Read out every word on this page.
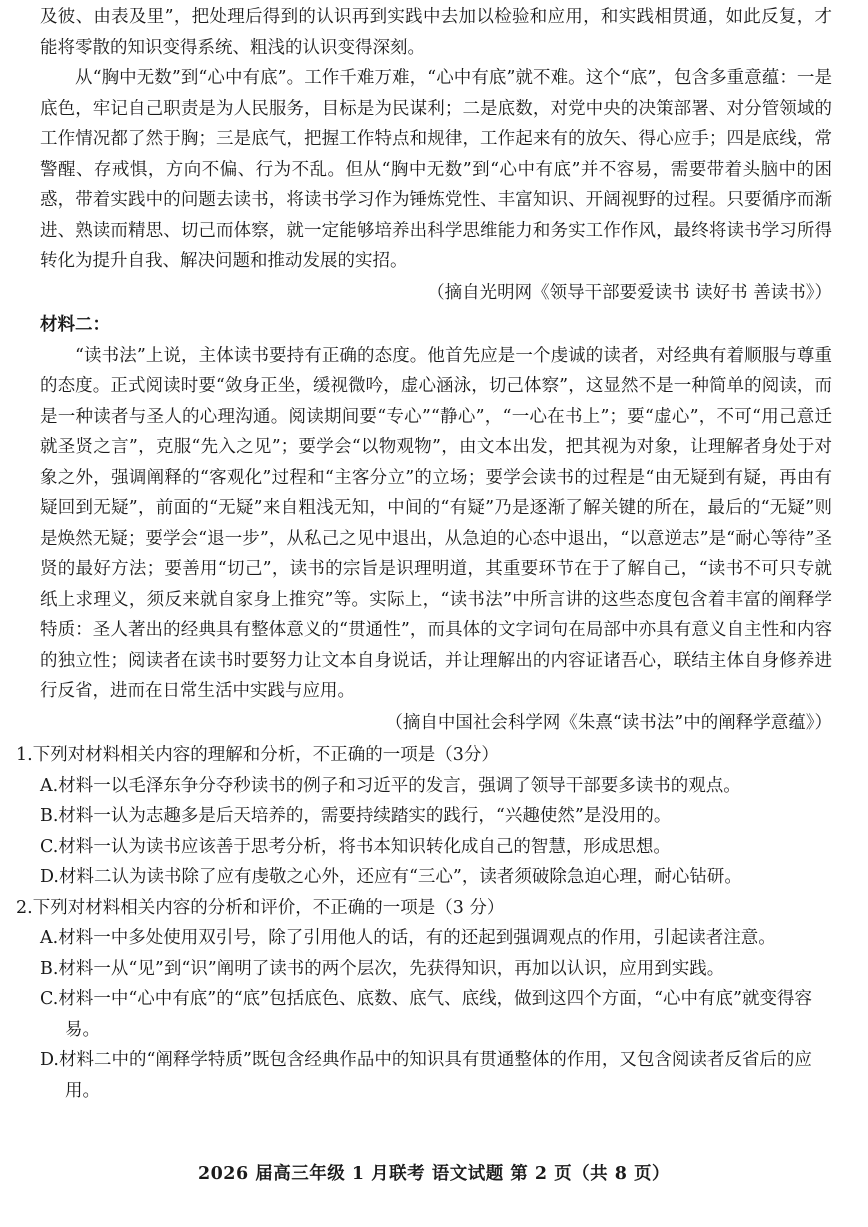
及彼、由表及里”，把处理后得到的认识再到实践中去加以检验和应用，和实践相贯通，如此反复，才能将零散的知识变得系统、粗浅的认识变得深刻。

从“胸中无数”到“心中有底”。工作千难万难，“心中有底”就不难。这个“底”，包含多重意蕴：一是底色，牢记自己职责是为人民服务，目标是为民谋利；二是底数，对党中央的决策部署、对分管领域的工作情况都了然于胸；三是底气，把握工作特点和规律，工作起来有的放矢、得心应手；四是底线，常警醒、存戒惧，方向不偏、行为不乱。但从“胸中无数”到“心中有底”并不容易，需要带着头脑中的困惑，带着实践中的问题去读书，将读书学习作为锤炼党性、丰富知识、开阔视野的过程。只要循序而渐进、熟读而精思、切己而体察，就一定能够培养出科学思维能力和务实工作作风，最终将读书学习所得转化为提升自我、解决问题和推动发展的实招。

（摘自光明网《领导干部要爱读书 读好书 善读书》）

材料二：

“读书法”上说，主体读书要持有正确的态度。他首先应是一个虔诚的读者，对经典有着顺服与尊重的态度。正式阅读时要“敛身正坐，缓视微吟，虚心涵泳，切己体察”，这显然不是一种简单的阅读，而是一种读者与圣人的心理沟通。阅读期间要“专心”“静心”，“一心在书上”；要“虚心”，不可“用己意迁就圣贤之言”，克服“先入之见”；要学会“以物观物”，由文本出发，把其视为对象，让理解者身处于对象之外，强调阐释的“客观化”过程和“主客分立”的立场；要学会读书的过程是“由无疑到有疑，再由有疑回到无疑”，前面的“无疑”来自粗浅无知，中间的“有疑”乃是逐渐了解关键的所在，最后的“无疑”则是焕然无疑；要学会“退一步”，从私己之见中退出，从急迫的心态中退出，“以意逆志”是“耐心等待”圣贤的最好方法；要善用“切己”，读书的宗旨是识理明道，其重要环节在于了解自己，“读书不可只专就纸上求理义，须反来就自家身上推究”等。实际上，“读书法”中所言讲的这些态度包含着丰富的阐释学特质：圣人著出的经典具有整体意义的“贯通性”，而具体的文字词句在局部中亦具有意义自主性和内容的独立性；阅读者在读书时要努力让文本自身说话，并让理解出的内容证诸吾心，联结主体自身修养进行反省，进而在日常生活中实践与应用。

（摘自中国社会科学网《朱熹“读书法”中的阐释学意蕴》）

1.下列对材料相关内容的理解和分析，不正确的一项是（3分）

A.材料一以毛泽东争分夺秒读书的例子和习近平的发言，强调了领导干部要多读书的观点。

B.材料一认为志趣多是后天培养的，需要持续踏实的践行，“兴趣使然”是没用的。

C.材料一认为读书应该善于思考分析，将书本知识转化成自己的智慧，形成思想。

D.材料二认为读书除了应有虔敬之心外，还应有“三心”，读者须破除急迫心理，耐心钻研。

2.下列对材料相关内容的分析和评价，不正确的一项是（3 分）

A.材料一中多处使用双引号，除了引用他人的话，有的还起到强调观点的作用，引起读者注意。

B.材料一从“见”到“识”阐明了读书的两个层次，先获得知识，再加以认识，应用到实践。

C.材料一中“心中有底”的“底”包括底色、底数、底气、底线，做到这四个方面，“心中有底”就变得容易。

D.材料二中的“阐释学特质”既包含经典作品中的知识具有贯通整体的作用，又包含阅读者反省后的应用。

2026 届高三年级 1 月联考 语文试题 第 2 页（共 8 页）
